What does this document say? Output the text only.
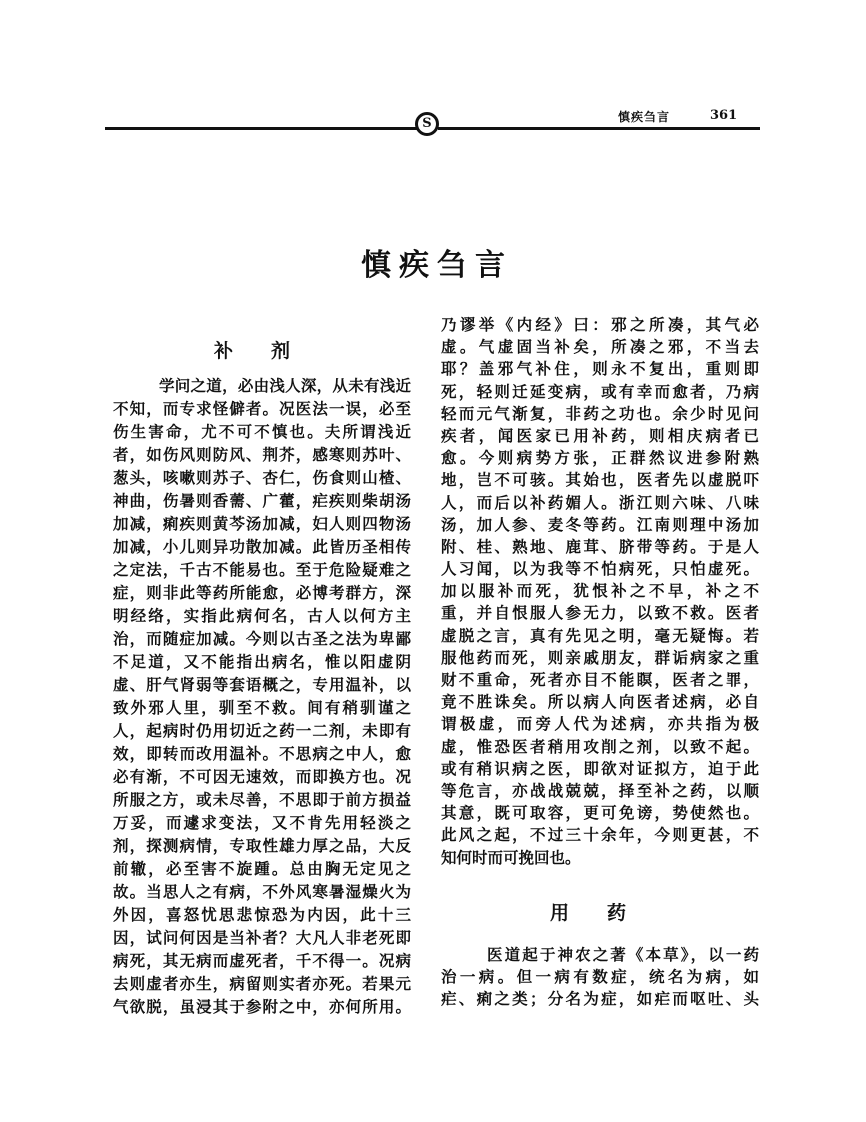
S	慎疾刍言	361
慎疾刍言
补　　剂
学问之道，必由浅人深，从未有浅近
不知，而专求怪僻者。况医法一误，必至
伤生害命，尤不可不慎也。夫所谓浅近
者，如伤风则防风、荆芥，感寒则苏叶、
葱头，咳嗽则苏子、杏仁，伤食则山楂、
神曲，伤暑则香薷、广藿，疟疾则柴胡汤
加减，痢疾则黄芩汤加减，妇人则四物汤
加减，小儿则异功散加减。此皆历圣相传
之定法，千古不能易也。至于危险疑难之
症，则非此等药所能愈，必博考群方，深
明经络，实指此病何名，古人以何方主
治，而随症加减。今则以古圣之法为卑鄙
不足道，又不能指出病名，惟以阳虚阴
虚、肝气肾弱等套语概之，专用温补，以
致外邪人里，驯至不救。间有稍驯谨之
人，起病时仍用切近之药一二剂，未即有
效，即转而改用温补。不思病之中人，愈
必有渐，不可因无速效，而即换方也。况
所服之方，或未尽善，不思即于前方损益
万妥，而遽求变法，又不肯先用轻淡之
剂，探测病情，专取性雄力厚之品，大反
前辙，必至害不旋踵。总由胸无定见之
故。当思人之有病，不外风寒暑湿燥火为
外因，喜怒忧思悲惊恐为内因，此十三
因，试问何因是当补者？大凡人非老死即
病死，其无病而虚死者，千不得一。况病
去则虚者亦生，病留则实者亦死。若果元
气欲脱，虽浸其于参附之中，亦何所用。
乃谬举《内经》曰：邪之所凑，其气必
虚。气虚固当补矣，所凑之邪，不当去
耶？盖邪气补住，则永不复出，重则即
死，轻则迁延变病，或有幸而愈者，乃病
轻而元气渐复，非药之功也。余少时见问
疾者，闻医家已用补药，则相庆病者已
愈。今则病势方张，正群然议进参附熟
地，岂不可骇。其始也，医者先以虚脱吓
人，而后以补药媚人。浙江则六味、八味
汤，加人参、麦冬等药。江南则理中汤加
附、桂、熟地、鹿茸、脐带等药。于是人
人习闻，以为我等不怕病死，只怕虚死。
加以服补而死，犹恨补之不早，补之不
重，并自恨服人参无力，以致不救。医者
虚脱之言，真有先见之明，毫无疑悔。若
服他药而死，则亲戚朋友，群诟病家之重
财不重命，死者亦目不能瞑，医者之罪，
竟不胜诛矣。所以病人向医者述病，必自
谓极虚，而旁人代为述病，亦共指为极
虚，惟恐医者稍用攻削之剂，以致不起。
或有稍识病之医，即欲对证拟方，迫于此
等危言，亦战战兢兢，择至补之药，以顺
其意，既可取容，更可免谤，势使然也。
此风之起，不过三十余年，今则更甚，不
知何时而可挽回也。
用　　药
医道起于神农之著《本草》，以一药
治一病。但一病有数症，统名为病，如
疟、痢之类；分名为症，如疟而呕吐、头
